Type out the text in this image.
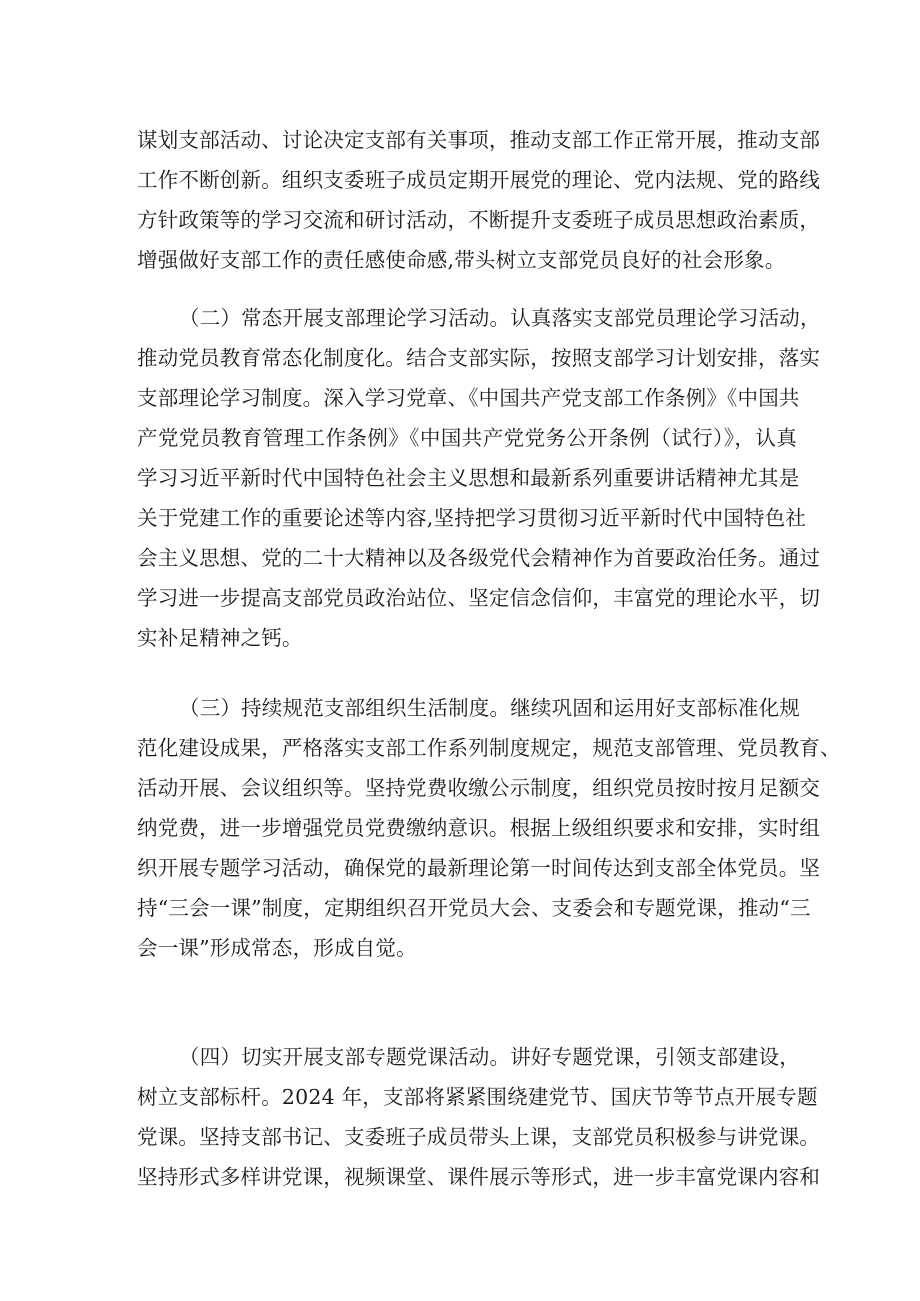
谋划支部活动、讨论决定支部有关事项，推动支部工作正常开展，推动支部
工作不断创新。组织支委班子成员定期开展党的理论、党内法规、党的路线
方针政策等的学习交流和研讨活动，不断提升支委班子成员思想政治素质，
增强做好支部工作的责任感使命感,带头树立支部党员良好的社会形象。
（二）常态开展支部理论学习活动。认真落实支部党员理论学习活动，
推动党员教育常态化制度化。结合支部实际，按照支部学习计划安排，落实
支部理论学习制度。深入学习党章、《中国共产党支部工作条例》《中国共
产党党员教育管理工作条例》《中国共产党党务公开条例（试行）》，认真
学习习近平新时代中国特色社会主义思想和最新系列重要讲话精神尤其是
关于党建工作的重要论述等内容,坚持把学习贯彻习近平新时代中国特色社
会主义思想、党的二十大精神以及各级党代会精神作为首要政治任务。通过
学习进一步提高支部党员政治站位、坚定信念信仰，丰富党的理论水平，切
实补足精神之钙。
（三）持续规范支部组织生活制度。继续巩固和运用好支部标准化规
范化建设成果，严格落实支部工作系列制度规定，规范支部管理、党员教育、
活动开展、会议组织等。坚持党费收缴公示制度，组织党员按时按月足额交
纳党费，进一步增强党员党费缴纳意识。根据上级组织要求和安排，实时组
织开展专题学习活动，确保党的最新理论第一时间传达到支部全体党员。坚
持“三会一课”制度，定期组织召开党员大会、支委会和专题党课，推动“三
会一课”形成常态，形成自觉。
（四）切实开展支部专题党课活动。讲好专题党课，引领支部建设，
树立支部标杆。2024 年，支部将紧紧围绕建党节、国庆节等节点开展专题
党课。坚持支部书记、支委班子成员带头上课，支部党员积极参与讲党课。
坚持形式多样讲党课，视频课堂、课件展示等形式，进一步丰富党课内容和
